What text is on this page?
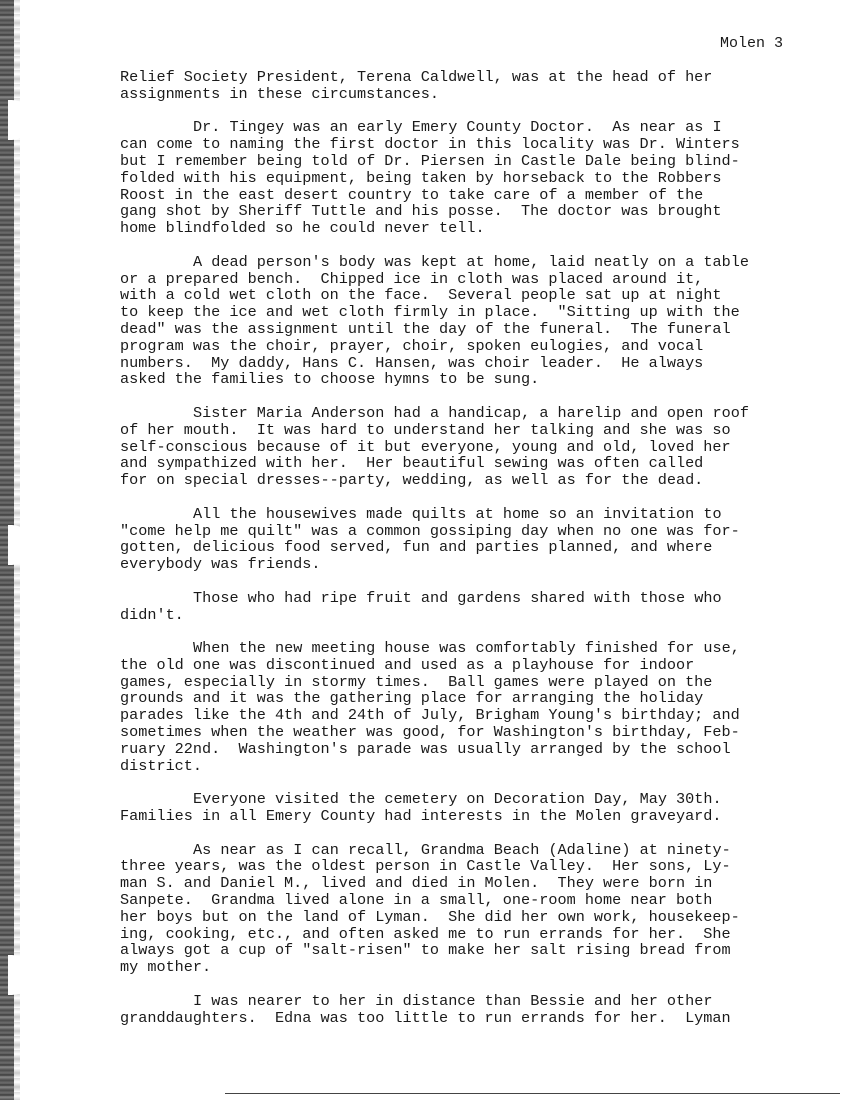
Molen 3
Relief Society President, Terena Caldwell, was at the head of her
assignments in these circumstances.
Dr. Tingey was an early Emery County Doctor.  As near as I
can come to naming the first doctor in this locality was Dr. Winters
but I remember being told of Dr. Piersen in Castle Dale being blind-
folded with his equipment, being taken by horseback to the Robbers
Roost in the east desert country to take care of a member of the
gang shot by Sheriff Tuttle and his posse.  The doctor was brought
home blindfolded so he could never tell.
A dead person's body was kept at home, laid neatly on a table
or a prepared bench.  Chipped ice in cloth was placed around it,
with a cold wet cloth on the face.  Several people sat up at night
to keep the ice and wet cloth firmly in place.  "Sitting up with the
dead" was the assignment until the day of the funeral.  The funeral
program was the choir, prayer, choir, spoken eulogies, and vocal
numbers.  My daddy, Hans C. Hansen, was choir leader.  He always
asked the families to choose hymns to be sung.
Sister Maria Anderson had a handicap, a harelip and open roof
of her mouth.  It was hard to understand her talking and she was so
self-conscious because of it but everyone, young and old, loved her
and sympathized with her.  Her beautiful sewing was often called
for on special dresses--party, wedding, as well as for the dead.
All the housewives made quilts at home so an invitation to
"come help me quilt" was a common gossiping day when no one was for-
gotten, delicious food served, fun and parties planned, and where
everybody was friends.
Those who had ripe fruit and gardens shared with those who
didn't.
When the new meeting house was comfortably finished for use,
the old one was discontinued and used as a playhouse for indoor
games, especially in stormy times.  Ball games were played on the
grounds and it was the gathering place for arranging the holiday
parades like the 4th and 24th of July, Brigham Young's birthday; and
sometimes when the weather was good, for Washington's birthday, Feb-
ruary 22nd.  Washington's parade was usually arranged by the school
district.
Everyone visited the cemetery on Decoration Day, May 30th.
Families in all Emery County had interests in the Molen graveyard.
As near as I can recall, Grandma Beach (Adaline) at ninety-
three years, was the oldest person in Castle Valley.  Her sons, Ly-
man S. and Daniel M., lived and died in Molen.  They were born in
Sanpete.  Grandma lived alone in a small, one-room home near both
her boys but on the land of Lyman.  She did her own work, housekeep-
ing, cooking, etc., and often asked me to run errands for her.  She
always got a cup of "salt-risen" to make her salt rising bread from
my mother.
I was nearer to her in distance than Bessie and her other
granddaughters.  Edna was too little to run errands for her.  Lyman
